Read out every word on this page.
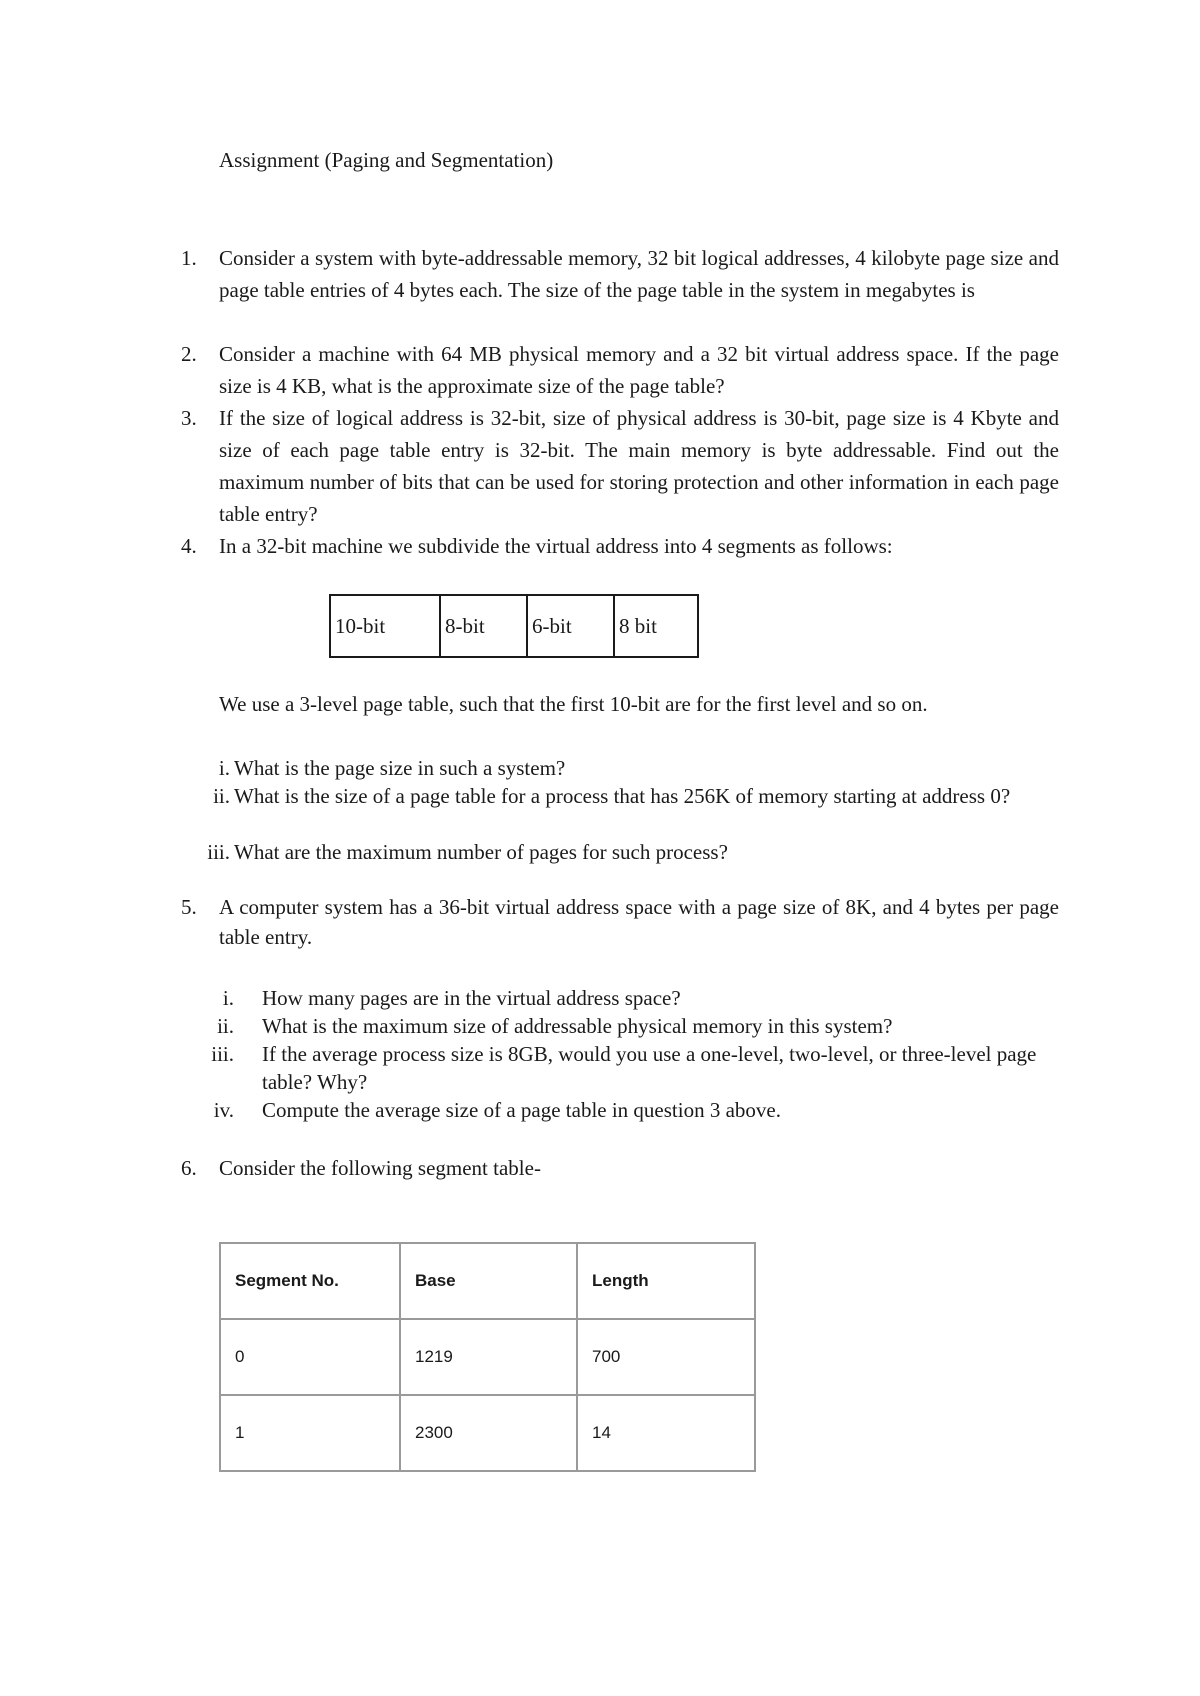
Assignment (Paging and Segmentation)
1. Consider a system with byte-addressable memory, 32 bit logical addresses, 4 kilobyte page size and page table entries of 4 bytes each. The size of the page table in the system in megabytes is
2. Consider a machine with 64 MB physical memory and a 32 bit virtual address space. If the page size is 4 KB, what is the approximate size of the page table?
3. If the size of logical address is 32-bit, size of physical address is 30-bit, page size is 4 Kbyte and size of each page table entry is 32-bit. The main memory is byte addressable. Find out the maximum number of bits that can be used for storing protection and other information in each page table entry?
4. In a 32-bit machine we subdivide the virtual address into 4 segments as follows:
10-bit	8-bit	6-bit	8 bit
We use a 3-level page table, such that the first 10-bit are for the first level and so on.
i. What is the page size in such a system?
ii. What is the size of a page table for a process that has 256K of memory starting at address 0?
iii. What are the maximum number of pages for such process?
5. A computer system has a 36-bit virtual address space with a page size of 8K, and 4 bytes per page table entry.
i.	How many pages are in the virtual address space?
ii.	What is the maximum size of addressable physical memory in this system?
iii.	If the average process size is 8GB, would you use a one-level, two-level, or three-level page table? Why?
iv.	Compute the average size of a page table in question 3 above.
6. Consider the following segment table-
Segment No.	Base	Length
0	1219	700
1	2300	14
